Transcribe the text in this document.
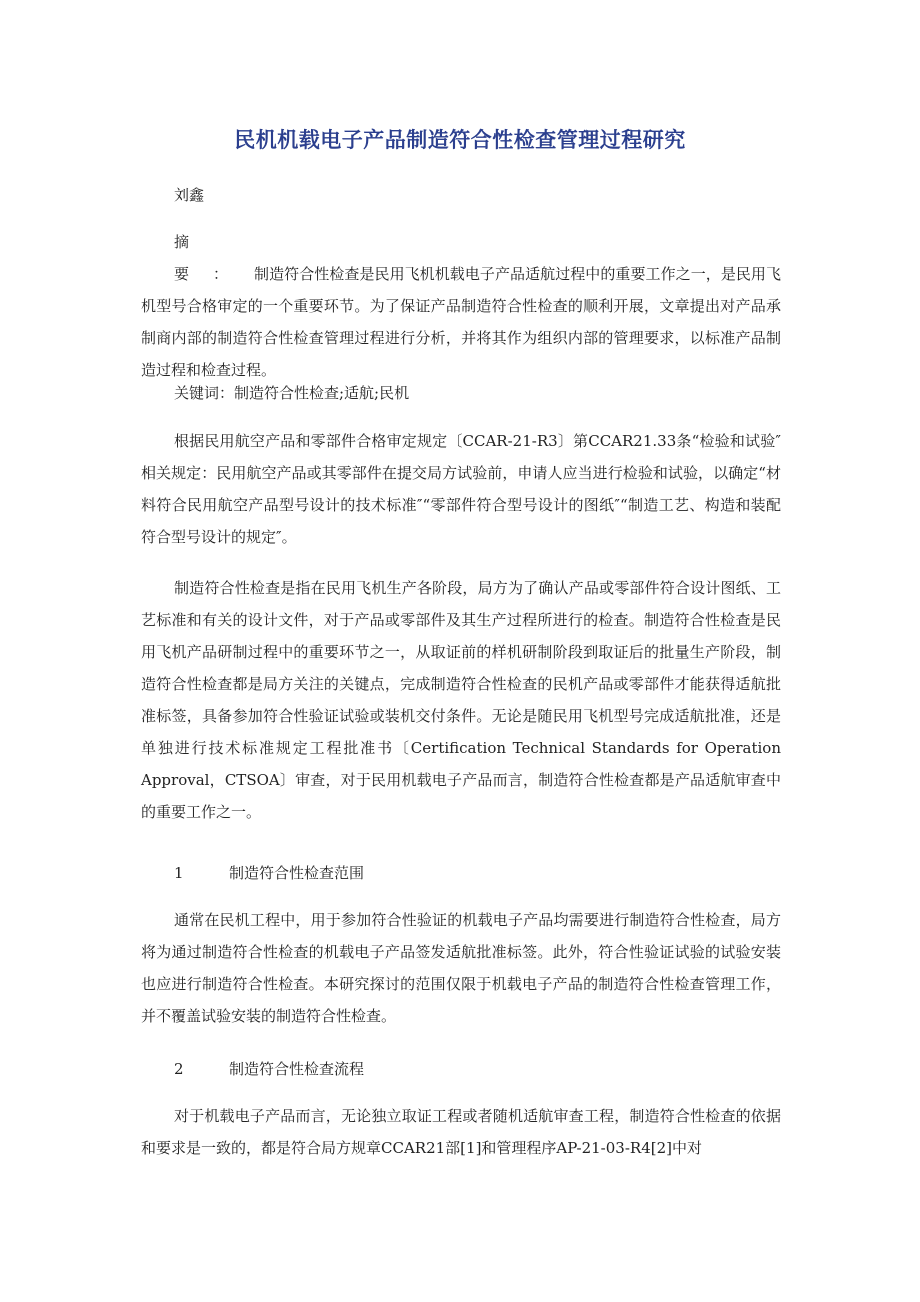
民机机载电子产品制造符合性检查管理过程研究
刘鑫
摘要： 制造符合性检查是民用飞机机载电子产品适航过程中的重要工作之一，是民用飞机型号合格审定的一个重要环节。为了保证产品制造符合性检查的顺利开展，文章提出对产品承制商内部的制造符合性检查管理过程进行分析，并将其作为组织内部的管理要求，以标准产品制造过程和检查过程。
关键词：制造符合性检查;适航;民机
根据民用航空产品和零部件合格审定规定〔CCAR-21-R3〕第CCAR21.33条“检验和试验″相关规定：民用航空产品或其零部件在提交局方试验前，申请人应当进行检验和试验，以确定“材料符合民用航空产品型号设计的技术标准″“零部件符合型号设计的图纸″“制造工艺、构造和装配符合型号设计的规定″。
制造符合性检查是指在民用飞机生产各阶段，局方为了确认产品或零部件符合设计图纸、工艺标准和有关的设计文件，对于产品或零部件及其生产过程所进行的检查。制造符合性检查是民用飞机产品研制过程中的重要环节之一，从取证前的样机研制阶段到取证后的批量生产阶段，制造符合性检查都是局方关注的关键点，完成制造符合性检查的民机产品或零部件才能获得适航批准标签，具备参加符合性验证试验或装机交付条件。无论是随民用飞机型号完成适航批准，还是单独进行技术标准规定工程批准书〔Certification Technical Standards for Operation Approval，CTSOA〕审查，对于民用机载电子产品而言，制造符合性检查都是产品适航审查中的重要工作之一。
1	制造符合性检查范围
通常在民机工程中，用于参加符合性验证的机载电子产品均需要进行制造符合性检查，局方将为通过制造符合性检查的机载电子产品签发适航批准标签。此外，符合性验证试验的试验安装也应进行制造符合性检查。本研究探讨的范围仅限于机载电子产品的制造符合性检查管理工作，并不覆盖试验安装的制造符合性检查。
2	制造符合性检查流程
对于机载电子产品而言，无论独立取证工程或者随机适航审查工程，制造符合性检查的依据和要求是一致的，都是符合局方规章CCAR21部[1]和管理程序AP-21-03-R4[2]中对
